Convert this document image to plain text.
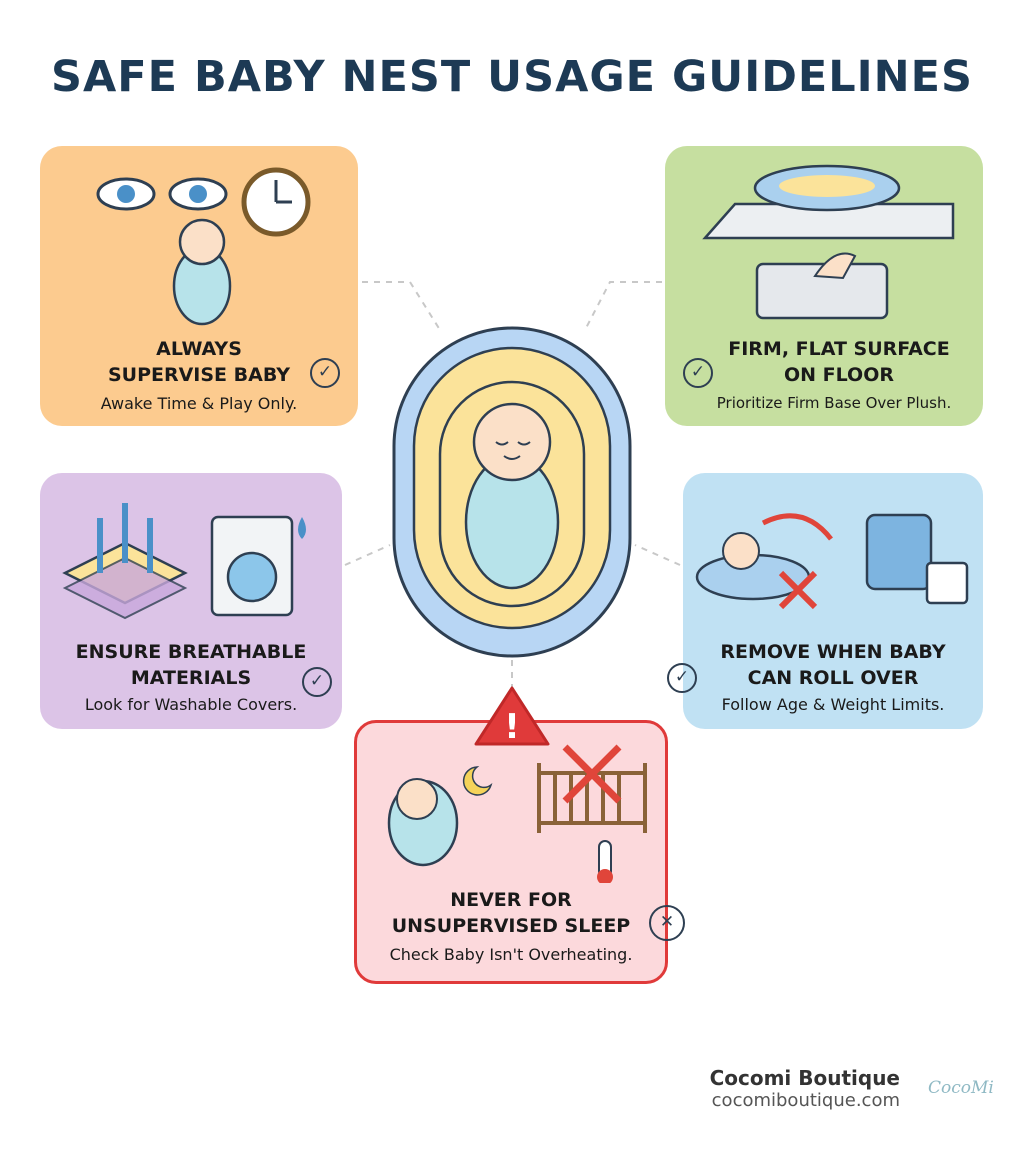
SAFE BABY NEST USAGE GUIDELINES
ALWAYS
SUPERVISE BABY
Awake Time & Play Only.
✓
FIRM, FLAT SURFACE
ON FLOOR
Prioritize Firm Base Over Plush.
✓
ENSURE BREATHABLE
MATERIALS
Look for Washable Covers.
✓
REMOVE WHEN BABY
CAN ROLL OVER
Follow Age & Weight Limits.
✓
NEVER FOR
UNSUPERVISED SLEEP
Check Baby Isn't Overheating.
✕
!
Cocomi Boutique
cocomiboutique.com
CocoMi
